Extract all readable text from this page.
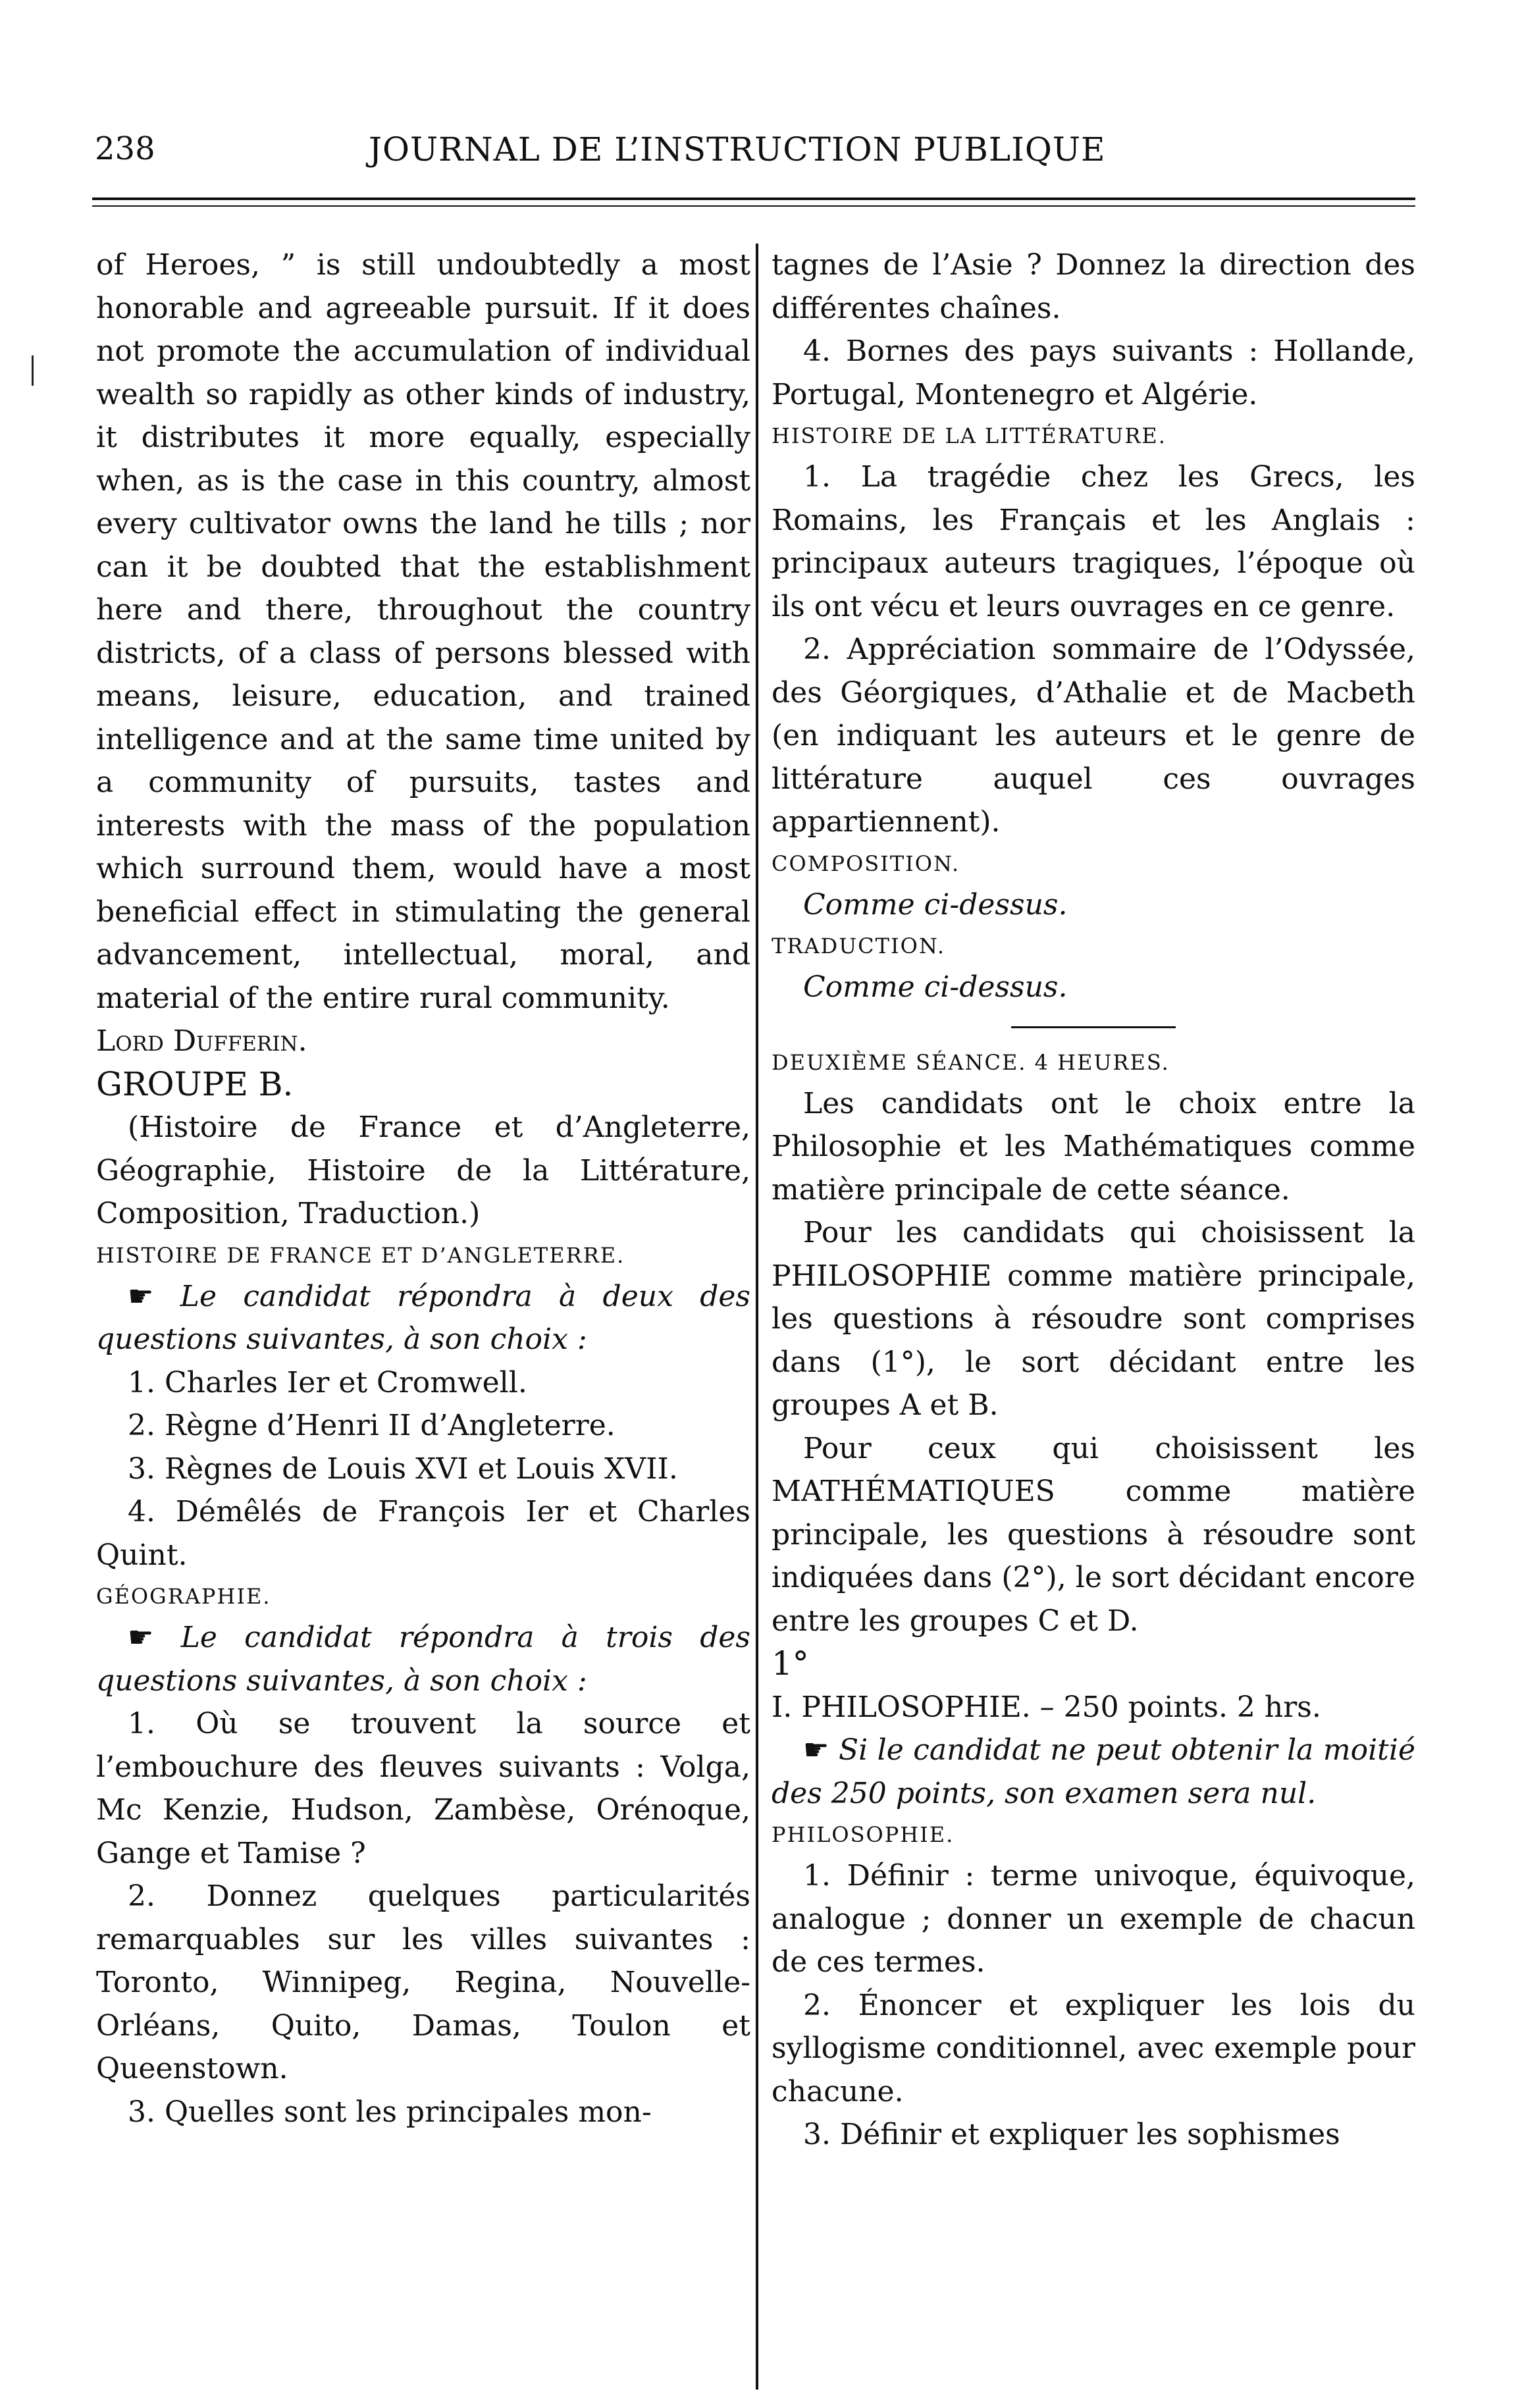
238	JOURNAL DE L’INSTRUCTION PUBLIQUE

of Heroes, ” is still undoubtedly a most honorable and agreeable pursuit. If it does not promote the accumulation of individual wealth so rapidly as other kinds of industry, it distributes it more equally, especially when, as is the case in this country, almost every cultivator owns the land he tills ; nor can it be doubted that the establishment here and there, throughout the country districts, of a class of persons blessed with means, leisure, education, and trained intelligence and at the same time united by a community of pursuits, tastes and interests with the mass of the population which surround them, would have a most beneficial effect in stimulating the general advancement, intellectual, moral, and material of the entire rural community.

Lord Dufferin.

GROUPE B.

(Histoire de France et d’Angleterre, Géographie, Histoire de la Littérature, Composition, Traduction.)

HISTOIRE DE FRANCE ET D’ANGLETERRE.

☛ Le candidat répondra à deux des questions suivantes, à son choix :

1. Charles Ier et Cromwell.

2. Règne d’Henri II d’Angleterre.

3. Règnes de Louis XVI et Louis XVII.

4. Démêlés de François Ier et Charles Quint.

GÉOGRAPHIE.

☛ Le candidat répondra à trois des questions suivantes, à son choix :

1. Où se trouvent la source et l’embouchure des fleuves suivants : Volga, Mc Kenzie, Hudson, Zambèse, Orénoque, Gange et Tamise ?

2. Donnez quelques particularités remarquables sur les villes suivantes : Toronto, Winnipeg, Regina, Nouvelle-Orléans, Quito, Damas, Toulon et Queenstown.

3. Quelles sont les principales mon-

tagnes de l’Asie ? Donnez la direction des différentes chaînes.

4. Bornes des pays suivants : Hollande, Portugal, Montenegro et Algérie.

HISTOIRE DE LA LITTÉRATURE.

1. La tragédie chez les Grecs, les Romains, les Français et les Anglais : principaux auteurs tragiques, l’époque où ils ont vécu et leurs ouvrages en ce genre.

2. Appréciation sommaire de l’Odyssée, des Géorgiques, d’Athalie et de Macbeth (en indiquant les auteurs et le genre de littérature auquel ces ouvrages appartiennent).

COMPOSITION.

Comme ci-dessus.

TRADUCTION.

Comme ci-dessus.

DEUXIÈME SÉANCE. 4 HEURES.

Les candidats ont le choix entre la Philosophie et les Mathématiques comme matière principale de cette séance.

Pour les candidats qui choisissent la PHILOSOPHIE comme matière principale, les questions à résoudre sont comprises dans (1°), le sort décidant entre les groupes A et B.

Pour ceux qui choisissent les MATHÉMATIQUES comme matière principale, les questions à résoudre sont indiquées dans (2°), le sort décidant encore entre les groupes C et D.

1°

I. PHILOSOPHIE. – 250 points. 2 hrs.

☛ Si le candidat ne peut obtenir la moitié des 250 points, son examen sera nul.

PHILOSOPHIE.

1. Définir : terme univoque, équivoque, analogue ; donner un exemple de chacun de ces termes.

2. Énoncer et expliquer les lois du syllogisme conditionnel, avec exemple pour chacune.

3. Définir et expliquer les sophismes
